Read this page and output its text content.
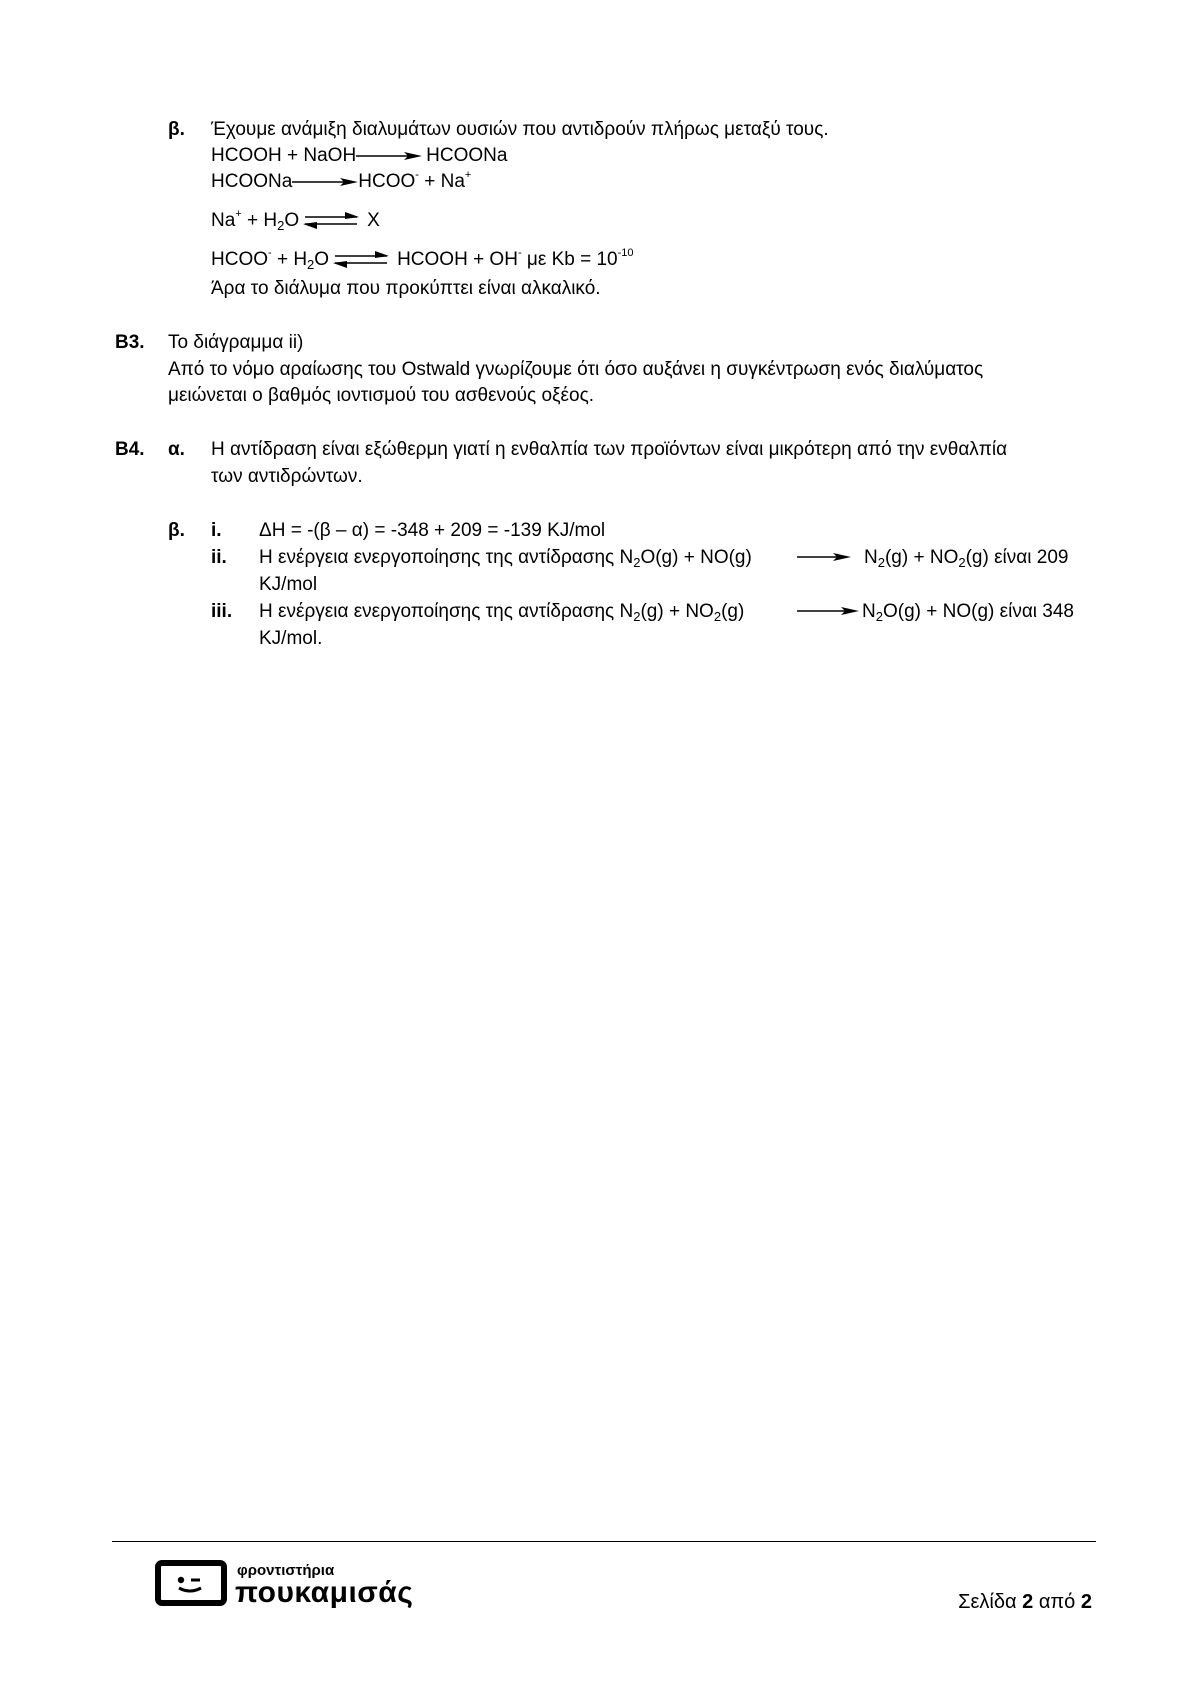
β. Έχουμε ανάμιξη διαλυμάτων ουσιών που αντιδρούν πλήρως μεταξύ τους.
HCOOH + NaOH→ HCOONa
HCOONa→HCOO- + Na+
$Na^+ + H_2O$ ⇌ X
HCOO- + $H_2O$ ⇌ HCOOH + OH- με $Kb = 10^{-10}$
Άρα το διάλυμα που προκύπτει είναι αλκαλικό.
Β3. Το διάγραμμα ii)
Από το νόμο αραίωσης του Ostwald γνωρίζουμε ότι όσο αυξάνει η συγκέντρωση ενός διαλύματος
μειώνεται ο βαθμός ιοντισμού του ασθενούς οξέος.
Β4. α. Η αντίδραση είναι εξώθερμη γιατί η ενθαλπία των προϊόντων είναι μικρότερη από την ενθαλπία
των αντιδρώντων.
β. i. ΔΗ = -(β – α) = -348 + 209 = -139 KJ/mol
ii. Η ενέργεια ενεργοποίησης της αντίδρασης $N_2O(g) + NO(g) \to N_2(g) + NO_2(g)$ είναι 209
KJ/mol
iii. Η ενέργεια ενεργοποίησης της αντίδρασης $N_2(g) + NO_2(g)$	→ $N_2O(g) + NO(g)$ είναι 348
KJ/mol.
φροντιστήρια
πουκαμισάς	Σελίδα 2 από 2
